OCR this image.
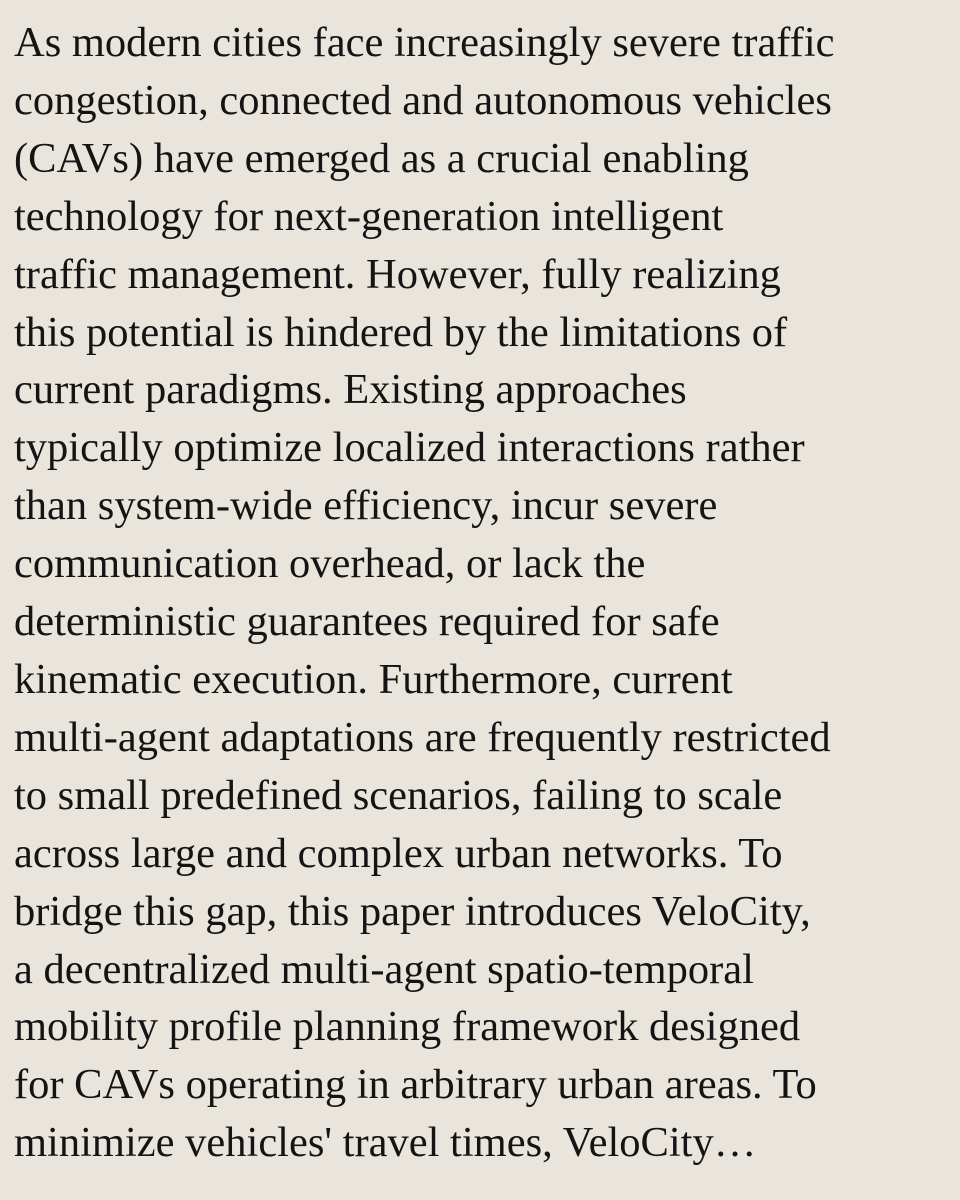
As modern cities face increasingly severe traffic
congestion, connected and autonomous vehicles
(CAVs) have emerged as a crucial enabling
technology for next-generation intelligent
traffic management. However, fully realizing
this potential is hindered by the limitations of
current paradigms. Existing approaches
typically optimize localized interactions rather
than system-wide efficiency, incur severe
communication overhead, or lack the
deterministic guarantees required for safe
kinematic execution. Furthermore, current
multi-agent adaptations are frequently restricted
to small predefined scenarios, failing to scale
across large and complex urban networks. To
bridge this gap, this paper introduces VeloCity,
a decentralized multi-agent spatio-temporal
mobility profile planning framework designed
for CAVs operating in arbitrary urban areas. To
minimize vehicles' travel times, VeloCity…
